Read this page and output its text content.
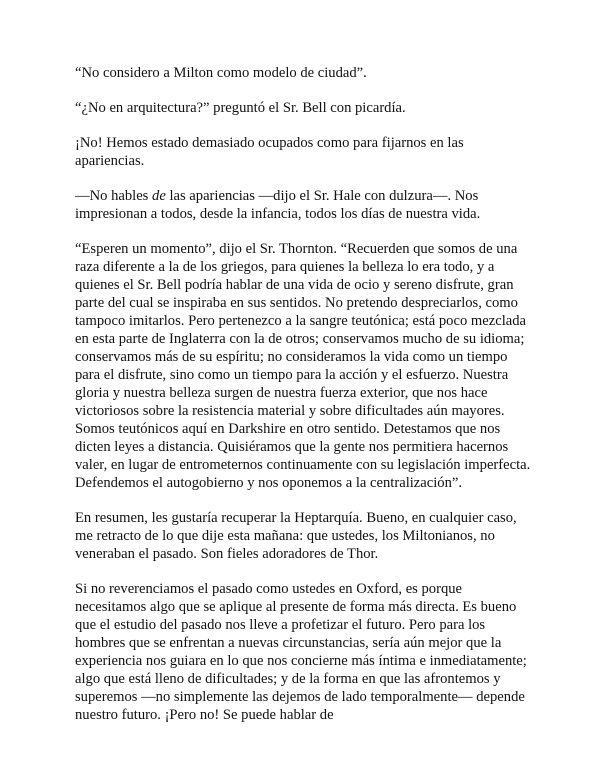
“No considero a Milton como modelo de ciudad”.

“¿No en arquitectura?” preguntó el Sr. Bell con picardía.

¡No! Hemos estado demasiado ocupados como para fijarnos en las apariencias.

—No hables de las apariencias —dijo el Sr. Hale con dulzura—. Nos impresionan a todos, desde la infancia, todos los días de nuestra vida.

“Esperen un momento”, dijo el Sr. Thornton. “Recuerden que somos de una raza diferente a la de los griegos, para quienes la belleza lo era todo, y a quienes el Sr. Bell podría hablar de una vida de ocio y sereno disfrute, gran parte del cual se inspiraba en sus sentidos. No pretendo despreciarlos, como tampoco imitarlos. Pero pertenezco a la sangre teutónica; está poco mezclada en esta parte de Inglaterra con la de otros; conservamos mucho de su idioma; conservamos más de su espíritu; no consideramos la vida como un tiempo para el disfrute, sino como un tiempo para la acción y el esfuerzo. Nuestra gloria y nuestra belleza surgen de nuestra fuerza exterior, que nos hace victoriosos sobre la resistencia material y sobre dificultades aún mayores. Somos teutónicos aquí en Darkshire en otro sentido. Detestamos que nos dicten leyes a distancia. Quisiéramos que la gente nos permitiera hacernos valer, en lugar de entrometernos continuamente con su legislación imperfecta. Defendemos el autogobierno y nos oponemos a la centralización”.

En resumen, les gustaría recuperar la Heptarquía. Bueno, en cualquier caso, me retracto de lo que dije esta mañana: que ustedes, los Miltonianos, no veneraban el pasado. Son fieles adoradores de Thor.

Si no reverenciamos el pasado como ustedes en Oxford, es porque necesitamos algo que se aplique al presente de forma más directa. Es bueno que el estudio del pasado nos lleve a profetizar el futuro. Pero para los hombres que se enfrentan a nuevas circunstancias, sería aún mejor que la experiencia nos guiara en lo que nos concierne más íntima e inmediatamente; algo que está lleno de dificultades; y de la forma en que las afrontemos y superemos —no simplemente las dejemos de lado temporalmente— depende nuestro futuro. ¡Pero no! Se puede hablar de
